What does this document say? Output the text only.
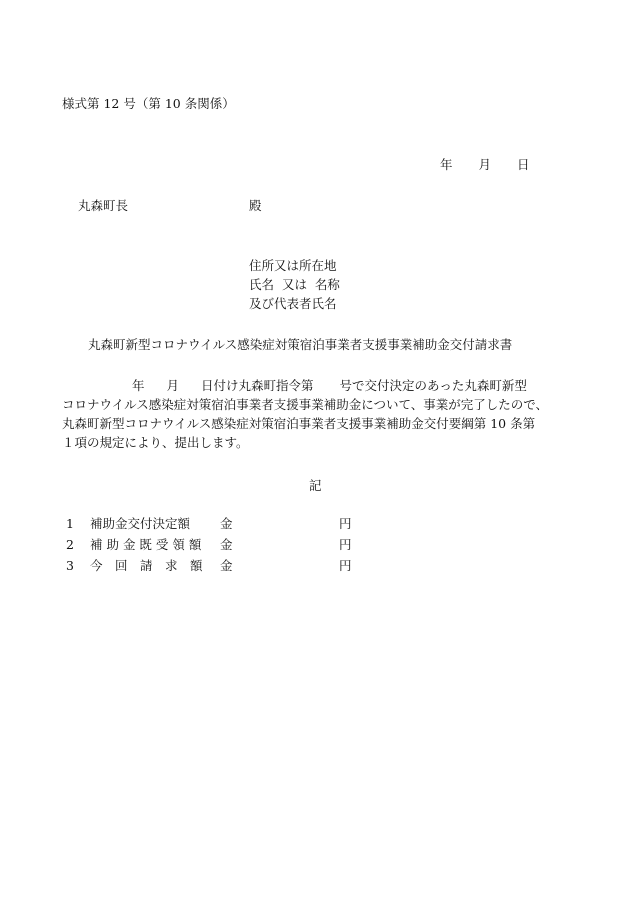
様式第 12 号（第 10 条関係）
年 月 日
丸森町長	殿
住所又は所在地
氏名  又は  名称
及び代表者氏名
丸森町新型コロナウイルス感染症対策宿泊事業者支援事業補助金交付請求書
年 月 日付け丸森町指令第 号で交付決定のあった丸森町新型
コロナウイルス感染症対策宿泊事業者支援事業補助金について、事業が完了したので、
丸森町新型コロナウイルス感染症対策宿泊事業者支援事業補助金交付要綱第 10 条第
１項の規定により、提出します。
記
1 補助金交付決定額 金	円
2 補 助 金 既 受 領 額 金	円
3 今　回　請　求　額 金	円
